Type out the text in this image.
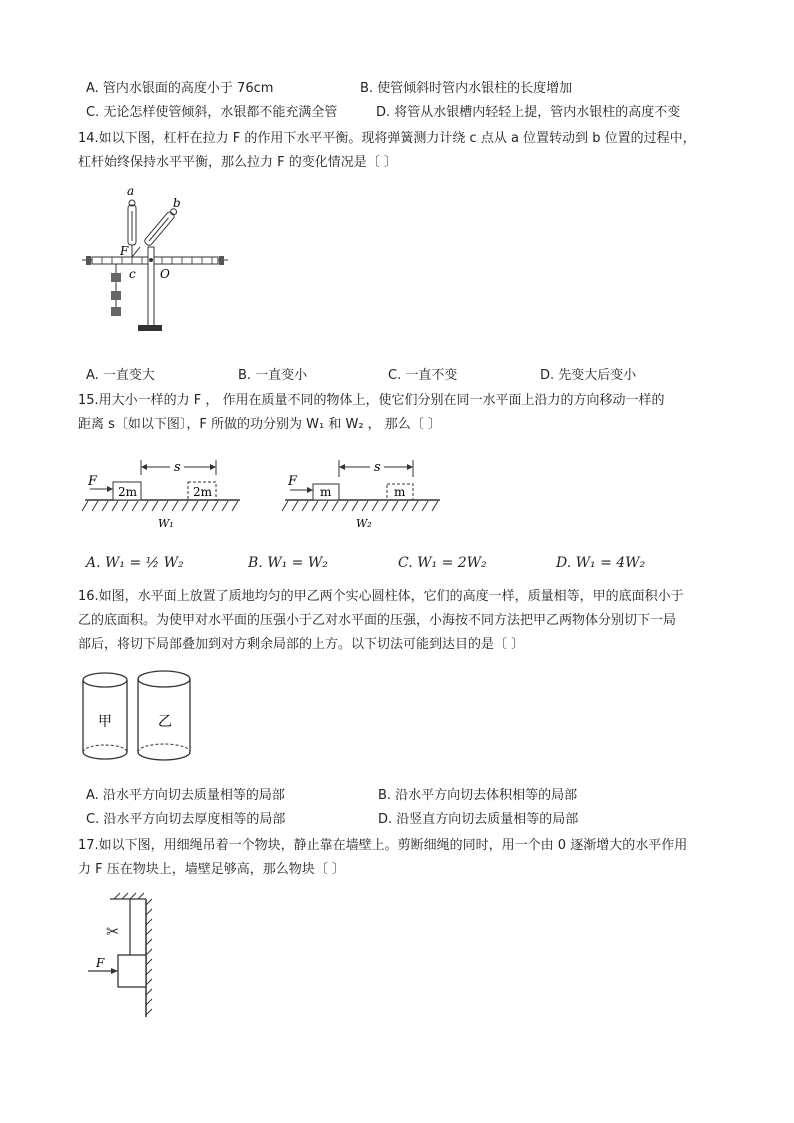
A. 管内水银面的高度小于 76cm	B. 使管倾斜时管内水银柱的长度增加
C. 无论怎样使管倾斜，水银都不能充满全管	D. 将管从水银槽内轻轻上提，管内水银柱的高度不变
14.如以下图，杠杆在拉力 F 的作用下水平平衡。现将弹簧测力计绕 c 点从 a 位置转动到 b 位置的过程中，
杠杆始终保持水平平衡，那么拉力 F 的变化情况是〔 〕
a
b
F
c O
A. 一直变大	B. 一直变小	C. 一直不变	D. 先变大后变小
15.用大小一样的力 F ， 作用在质量不同的物体上，使它们分别在同一水平面上沿力的方向移动一样的
距离 s〔如以下图〕，F 所做的功分别为 W₁ 和 W₂ ， 那么〔 〕
F
s
2m	2m
W₁
F
s
m	m
W₂
A. W₁ = ½ W₂	B. W₁ = W₂	C. W₁ = 2W₂	D. W₁ = 4W₂
16.如图，水平面上放置了质地均匀的甲乙两个实心圆柱体，它们的高度一样，质量相等，甲的底面积小于
乙的底面积。为使甲对水平面的压强小于乙对水平面的压强，小海按不同方法把甲乙两物体分别切下一局
部后，将切下局部叠加到对方剩余局部的上方。以下切法可能到达目的是〔 〕
甲	乙
A. 沿水平方向切去质量相等的局部	B. 沿水平方向切去体积相等的局部
C. 沿水平方向切去厚度相等的局部	D. 沿竖直方向切去质量相等的局部
17.如以下图，用细绳吊着一个物块，静止靠在墙壁上。剪断细绳的同时，用一个由 0 逐渐增大的水平作用
力 F 压在物块上，墙壁足够高，那么物块〔 〕
✂
F
